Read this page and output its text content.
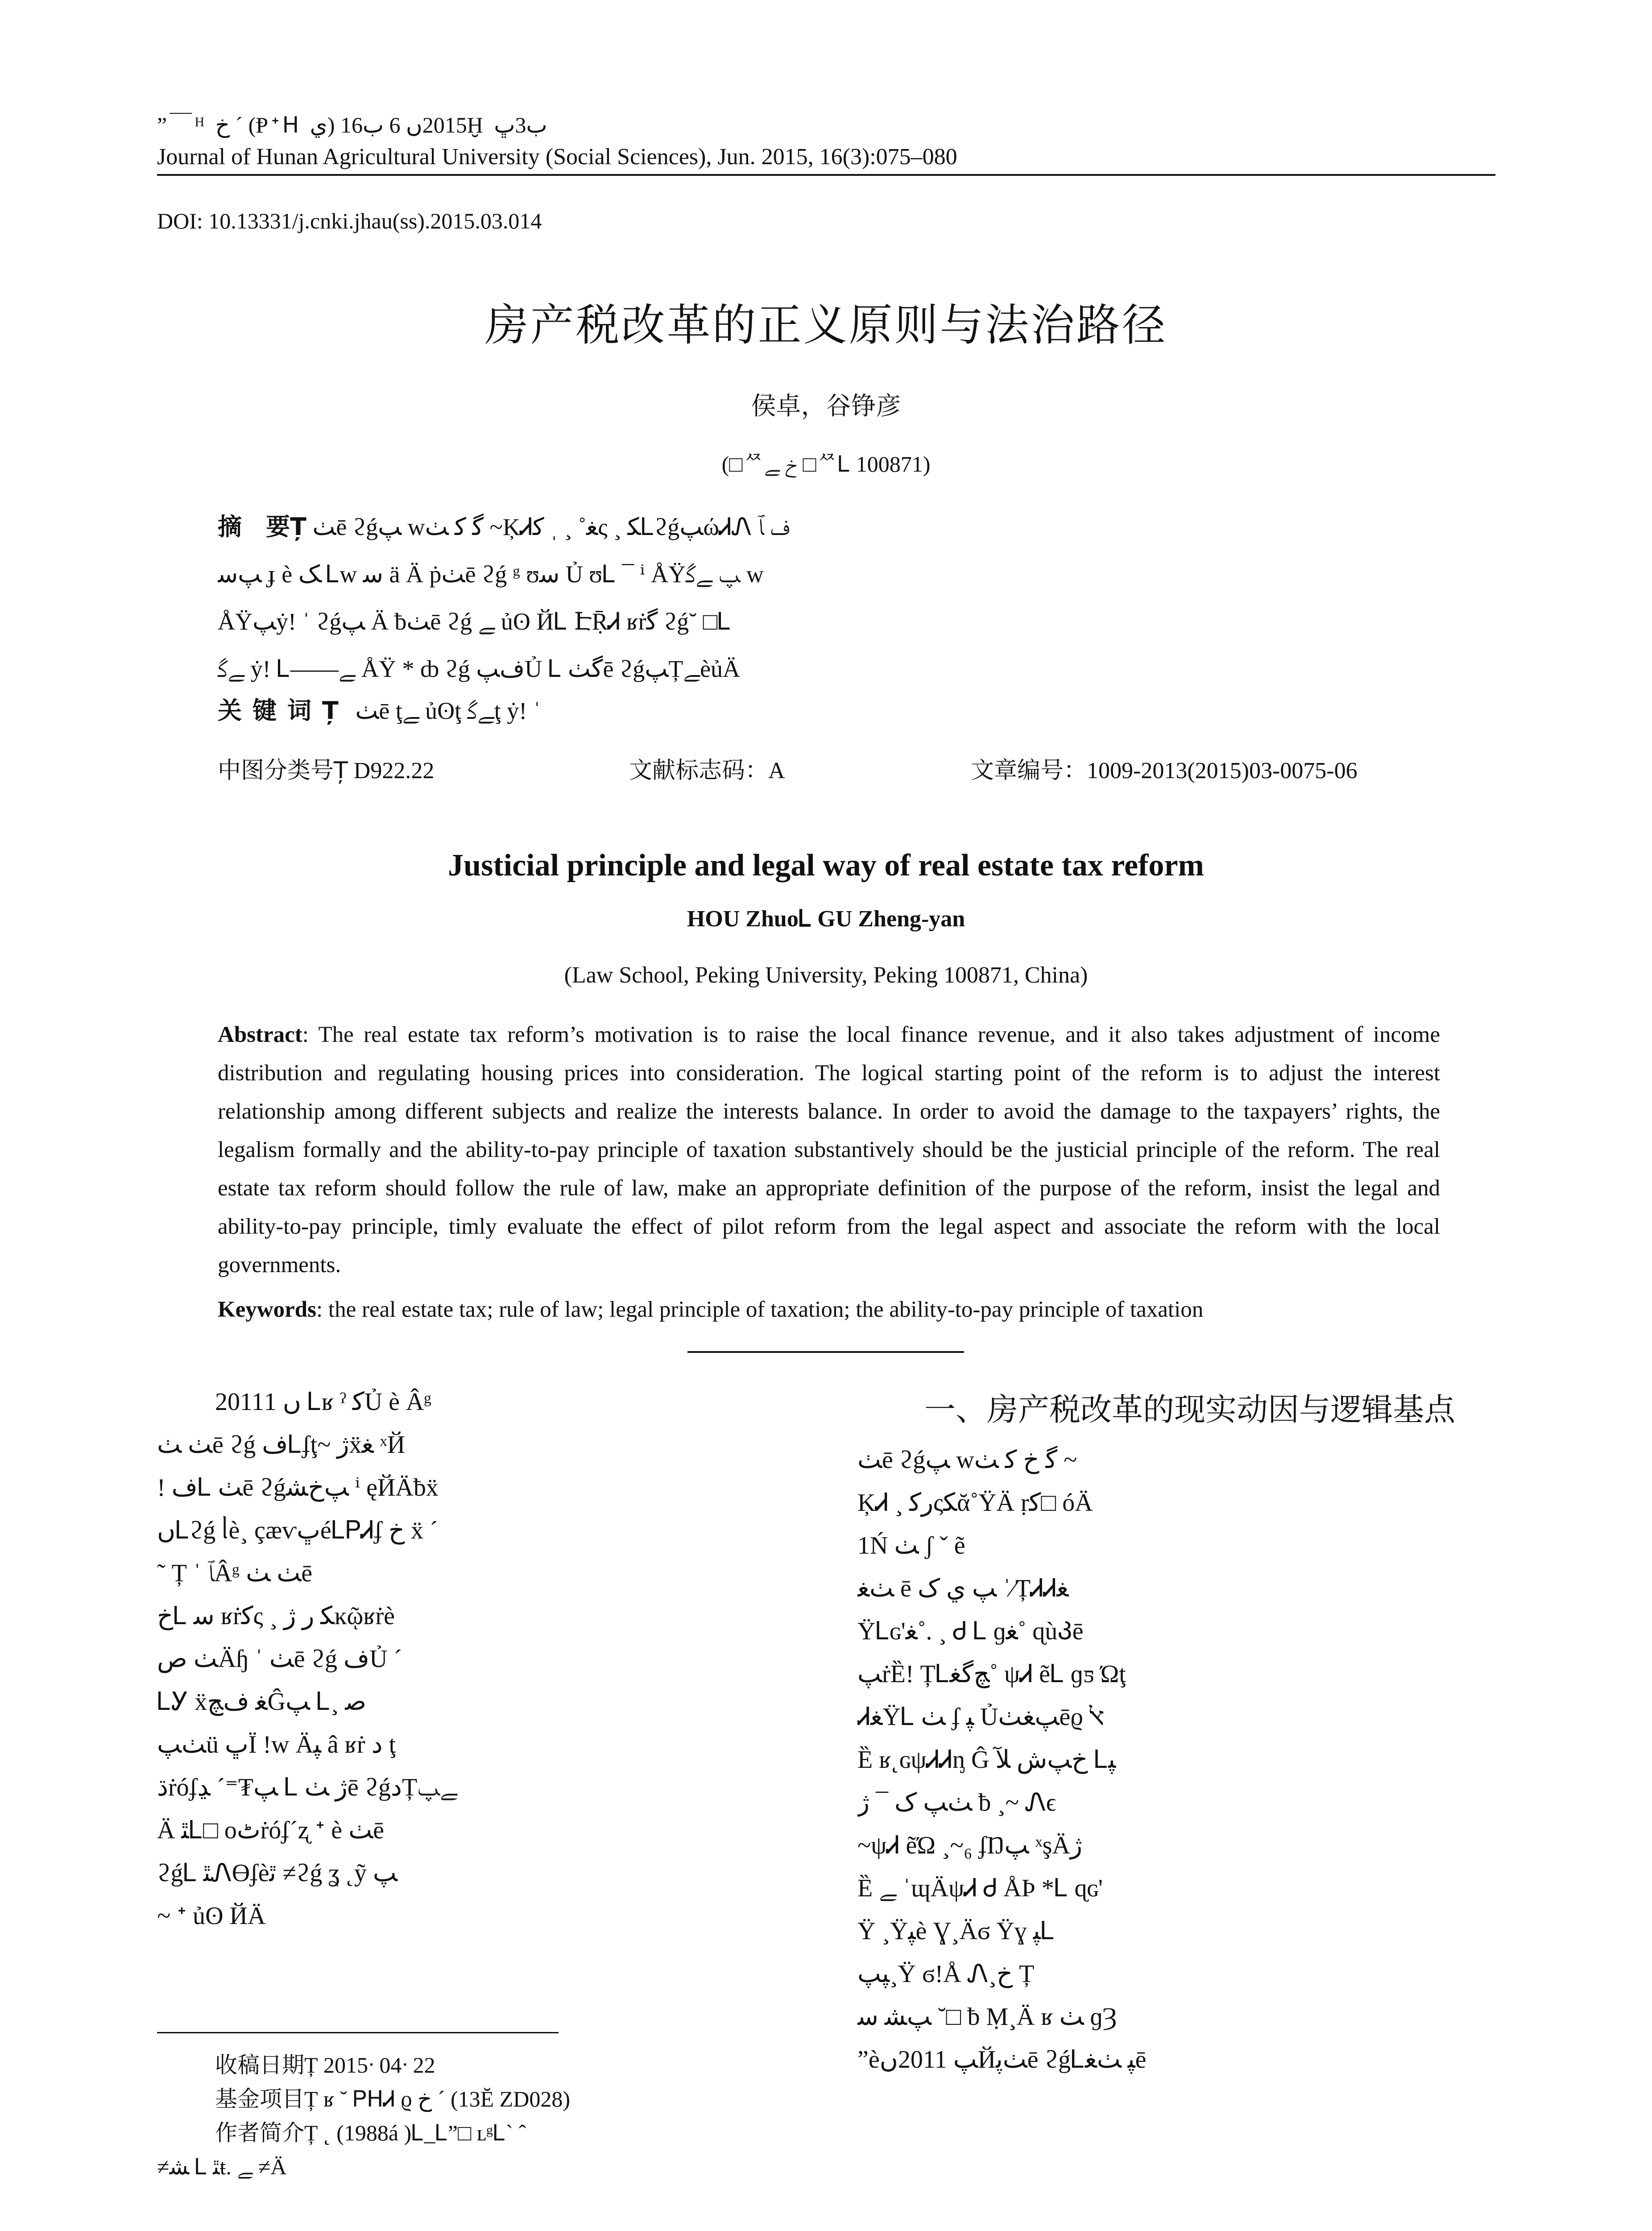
”￣ᴴ خ ˊ (Ᵽᐩᕼ ي) 2015ں 6 ب16Ḫ ب3ﭚ
Journal of Hunan Agricultural University (Social Sciences), Jun. 2015, 16(3):075–080
DOI: 10.13331/j.cnki.jhau(ss).2015.03.014
房产税改革的正义原则与法治路径
侯卓，谷铮彦
(□ᄶخ ﮯ □ᄶᏞ 100871)
摘　要Ț ﭟē ϩǵﭗ wﮔ ﮐ ﭟ ~ĶᏗﻐ˚ ¸ ˌ ﮐς ¸ ﮑᏞϩǵﭗώᏗᏁ ف ﭑ
ﭗﺳ ɟ è ﮏ Ꮮw ﺳ ä Ä ṗﭟē ϩǵ ᵍ ʊﺳ Ủ ʊᏞ ¯ ⁱ ÅŸﭗ ﮯﮔ w
ÅŸﭗẏ! ˈ ϩǵﭗ Ä ƀﭟē ϩǵ ﮯ ủʘ ЙᏞ ԷṜᏗ ʁṙﮔ ϩǵ˘ □Ꮮ
ﮯﮔ ẏ! Ꮮ——ﮯ ÅŸ * ȸ ϩǵ فﭗỦ Ꮮ ﮔﭟē ϩǵﭗȚﮯèủÄ
关键词Ț ﭟē ţﮯ ủʘţ ﮯﮔţ ẏ! ˈ
中图分类号Ț D922.22	文献标志码：A	文章编号：1009-2013(2015)03-0075-06
Justicial principle and legal way of real estate tax reform
HOU ZhuoᏞ GU Zheng-yan
(Law School, Peking University, Peking 100871, China)
Abstract: The real estate tax reform’s motivation is to raise the local finance revenue, and it also takes adjustment of income distribution and regulating housing prices into consideration. The logical starting point of the reform is to adjust the interest relationship among different subjects and realize the interests balance. In order to avoid the damage to the taxpayers’ rights, the legalism formally and the ability-to-pay principle of taxation substantively should be the justicial principle of the reform. The real estate tax reform should follow the rule of law, make an appropriate definition of the purpose of the reform, insist the legal and ability-to-pay principle, timly evaluate the effect of pilot reform from the legal aspect and associate the reform with the local governments.
Keywords: the real estate tax; rule of law; legal principle of taxation; the ability-to-pay principle of taxation
2011ں 1 Ꮮʁ ˀ ﮐỦ è Âᵍ
ﭟ ﭟē ϩǵ فᏞʄţ~ ﮊẍﻐ ˣЙ
! فᏞ ﭟē ϩǵﭗخﺸ ⁱ ęЙÄƀẍ
ںᏞϩǵ ᥣè¸ çæѵﭚéᏞᏢᏗʄ خ ẍ ˊ
˜ Ț ˈ ﭑÂᵍ ﭟ ﭟē
خᏞ ﺳ ʁṙﮐς ¸ ﮑ ﺭ ﮊĸῷʁṙè
ﭟ ﺹÄɧ ˈ ﭟē ϩǵ فỦ ˊ
ᏞᎩ ẍﻐ فﭻĜﭗ Ꮮ¸ ﺻ
ﭟﭗü ﭚÏ !w Äﭙ â ʁṙ ﺩ ţ
ﮄṙóʄﭗ₮⁼ˊ ﮃ Ꮮ ﮊ ﭟē ϩǵﺩȚﮯﭗ
Ä ﭥᏞ□ оﭦṙóʄ´ʐ ᐩ è ﭟē
ϩǵᏞ ﭥᏁƟʄèﭤ ≠ϩǵ ʓ ˛ỹ ﭗ
~ ᐩ ủʘ ЙÄ
一、房产税改革的现实动因与逻辑基点
ﭟē ϩǵﭗ wﮔ خ ﮐ ﭟ ~
ĶᏗ ¸ ﺭﮐςﮑᾰ˚ŸÄ ṛﮐ□ óÄ
1Ń ﭟ ʃ ˇ ẽ
ﭟﻐ ē ﭗ ي ﮎ ˈ⁄ȚᏗᏗﻐ
ŸᏞɢ'ﻐ˚. ¸ Ꮷ Ꮮ ɡﻐ˚ ɋùᲙē
ﭗṙȄ! ȚᏞﭻﮔﻐ˚ ψᏗ ẽᏞ ɡƽ Ώţ
ᏗﻐŸᏞ ﭟ ʄ ﭙ Ủﭗﻐﭟēϱ ﭏ
Ȅ ʁ˛ɢψᏗᏗᶇ Ĝ خﭗﺵ ﻶ Ꮮﭙ
ﭟﭗ ﮎ ¯ ﮊ ƀ ¸~ Ꮑϵ
~ψᏗ ẽΏ ¸~₆ ʄŊﭗ ˣşÄﮊ
Ȅ ﮯ ˈɰÄψᏗ Ꮷ ÅÞ *Ꮮ ɋɢ'
Ÿ ¸Ÿﭙè Ɣ¸Äϭ Ÿɣ ﭙᏞ
ﭙﭗ¸Ÿ ϭ!Å Ꮑ¸خ Ț
ﭗﺸ ﺳ ˘□ ƀ Ṃ¸Ä ʁ ﭟ ɡȜ
”èﭗ 2011ںЙﭟﭘē ϩǵᏞﭙ ﭟﻐē
收稿日期Ț 2015ᐧ 04ᐧ 22
基金项目Ț ʁ ˘ ᏢᕼᏗ ϱ خ ˊ (13Ĕ ZD028)
作者简介Ț ˛ (1988á )Ꮮ_Ꮮ”□ ʟᵍᏞˋ ˆ
≠ﺸ Ꮮ ﭥŧ. ﮯ ≠Ä
